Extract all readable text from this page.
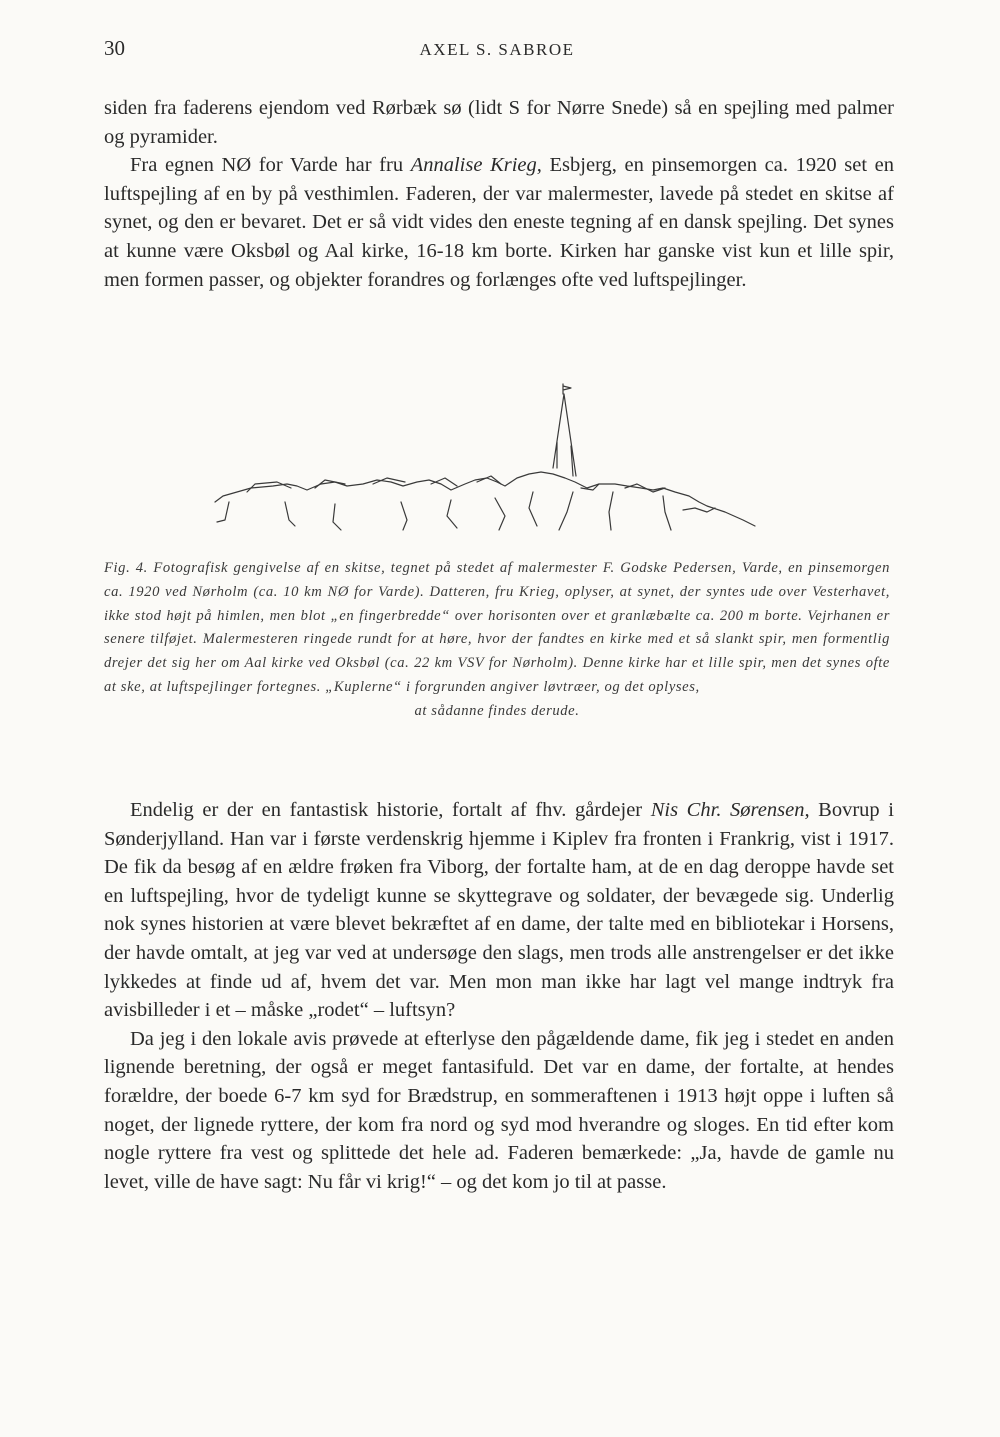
30	AXEL S. SABROE

siden fra faderens ejendom ved Rørbæk sø (lidt S for Nørre Snede) så en spejling med palmer og pyramider.

Fra egnen NØ for Varde har fru Annalise Krieg, Esbjerg, en pinsemorgen ca. 1920 set en luftspejling af en by på vesthimlen. Faderen, der var malermester, lavede på stedet en skitse af synet, og den er bevaret. Det er så vidt vides den eneste tegning af en dansk spejling. Det synes at kunne være Oksbøl og Aal kirke, 16-18 km borte. Kirken har ganske vist kun et lille spir, men formen passer, og objekter forandres og forlænges ofte ved luftspejlinger.

Fig. 4. Fotografisk gengivelse af en skitse, tegnet på stedet af malermester F. Godske Pedersen, Varde, en pinsemorgen ca. 1920 ved Nørholm (ca. 10 km NØ for Varde). Datteren, fru Krieg, oplyser, at synet, der syntes ude over Vesterhavet, ikke stod højt på himlen, men blot „en fingerbredde“ over horisonten over et granlæbælte ca. 200 m borte. Vejrhanen er senere tilføjet. Malermesteren ringede rundt for at høre, hvor der fandtes en kirke med et så slankt spir, men formentlig drejer det sig her om Aal kirke ved Oksbøl (ca. 22 km VSV for Nørholm). Denne kirke har et lille spir, men det synes ofte at ske, at luftspejlinger fortegnes. „Kuplerne“ i forgrunden angiver løvtræer, og det oplyses,
at sådanne findes derude.

Endelig er der en fantastisk historie, fortalt af fhv. gårdejer Nis Chr. Sørensen, Bovrup i Sønderjylland. Han var i første verdenskrig hjemme i Kiplev fra fronten i Frankrig, vist i 1917. De fik da besøg af en ældre frøken fra Viborg, der fortalte ham, at de en dag deroppe havde set en luftspejling, hvor de tydeligt kunne se skyttegrave og soldater, der bevægede sig. Underlig nok synes historien at være blevet bekræftet af en dame, der talte med en bibliotekar i Horsens, der havde omtalt, at jeg var ved at undersøge den slags, men trods alle anstrengelser er det ikke lykkedes at finde ud af, hvem det var. Men mon man ikke har lagt vel mange indtryk fra avisbilleder i et – måske „rodet“ – luftsyn?

Da jeg i den lokale avis prøvede at efterlyse den pågældende dame, fik jeg i stedet en anden lignende beretning, der også er meget fantasifuld. Det var en dame, der fortalte, at hendes forældre, der boede 6-7 km syd for Brædstrup, en sommeraftenen i 1913 højt oppe i luften så noget, der lignede ryttere, der kom fra nord og syd mod hverandre og sloges. En tid efter kom nogle ryttere fra vest og splittede det hele ad. Faderen bemærkede: „Ja, havde de gamle nu levet, ville de have sagt: Nu får vi krig!“ – og det kom jo til at passe.
